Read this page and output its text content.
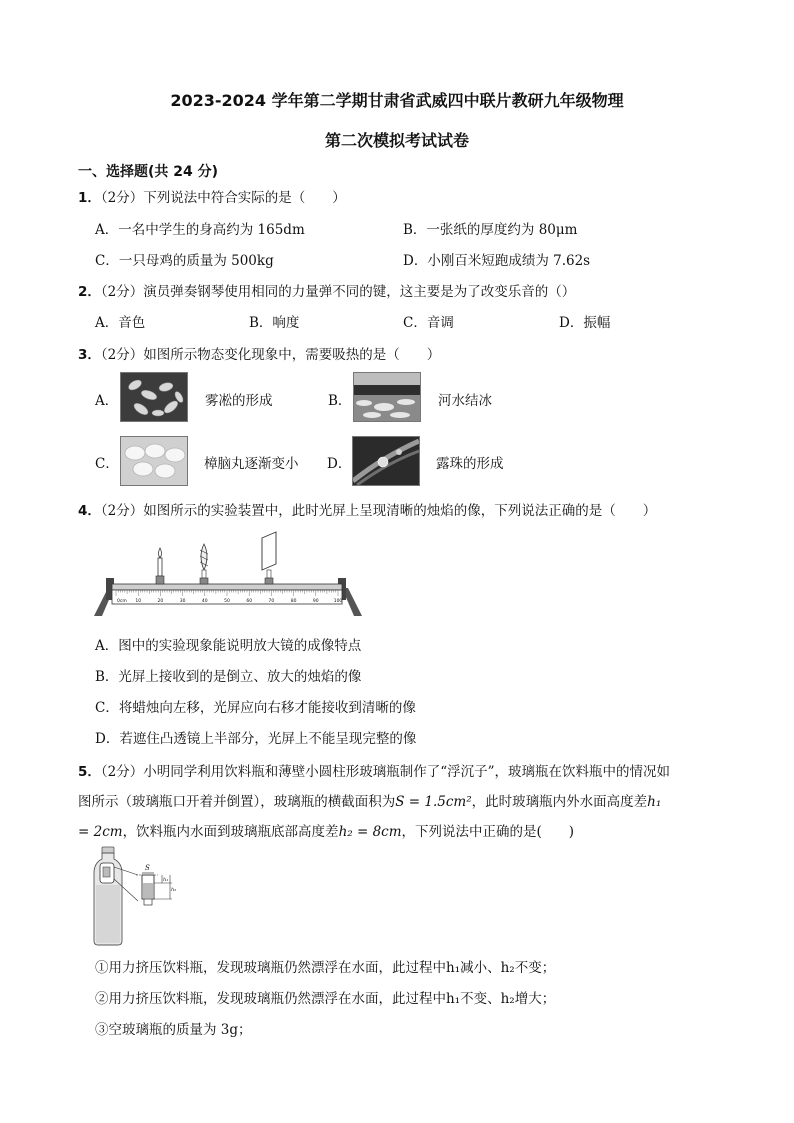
2023-2024 学年第二学期甘肃省武威四中联片教研九年级物理
第二次模拟考试试卷
一、选择题(共 24 分)
1．（2分）下列说法中符合实际的是（　　）
A．一名中学生的身高约为 165dm	B．一张纸的厚度约为 80μm
C．一只母鸡的质量为 500kg	D．小刚百米短跑成绩为 7.62s
2．（2分）演员弹奏钢琴使用相同的力量弹不同的键，这主要是为了改变乐音的（）
A．音色	B．响度	C．音调	D．振幅
3．（2分）如图所示物态变化现象中，需要吸热的是（　　）
A．	雾凇的形成	B．	河水结冰
C．	樟脑丸逐渐变小 D．	露珠的形成
4．（2分）如图所示的实验装置中，此时光屏上呈现清晰的烛焰的像，下列说法正确的是（　　）
0cm 10	20	30	40	50	60	70	80	90	100
A．图中的实验现象能说明放大镜的成像特点
B．光屏上接收到的是倒立、放大的烛焰的像
C．将蜡烛向左移，光屏应向右移才能接收到清晰的像
D．若遮住凸透镜上半部分，光屏上不能呈现完整的像
5．（2分）小明同学利用饮料瓶和薄壁小圆柱形玻璃瓶制作了“浮沉子”，玻璃瓶在饮料瓶中的情况如
图所示（玻璃瓶口开着并倒置），玻璃瓶的横截面积为S = 1.5cm²，此时玻璃瓶内外水面高度差h₁
= 2cm，饮料瓶内水面到玻璃瓶底部高度差h₂ = 8cm，下列说法中正确的是(　　)
S
h₁
h₂
①用力挤压饮料瓶，发现玻璃瓶仍然漂浮在水面，此过程中h₁减小、h₂不变；
②用力挤压饮料瓶，发现玻璃瓶仍然漂浮在水面，此过程中h₁不变、h₂增大；
③空玻璃瓶的质量为 3g；
